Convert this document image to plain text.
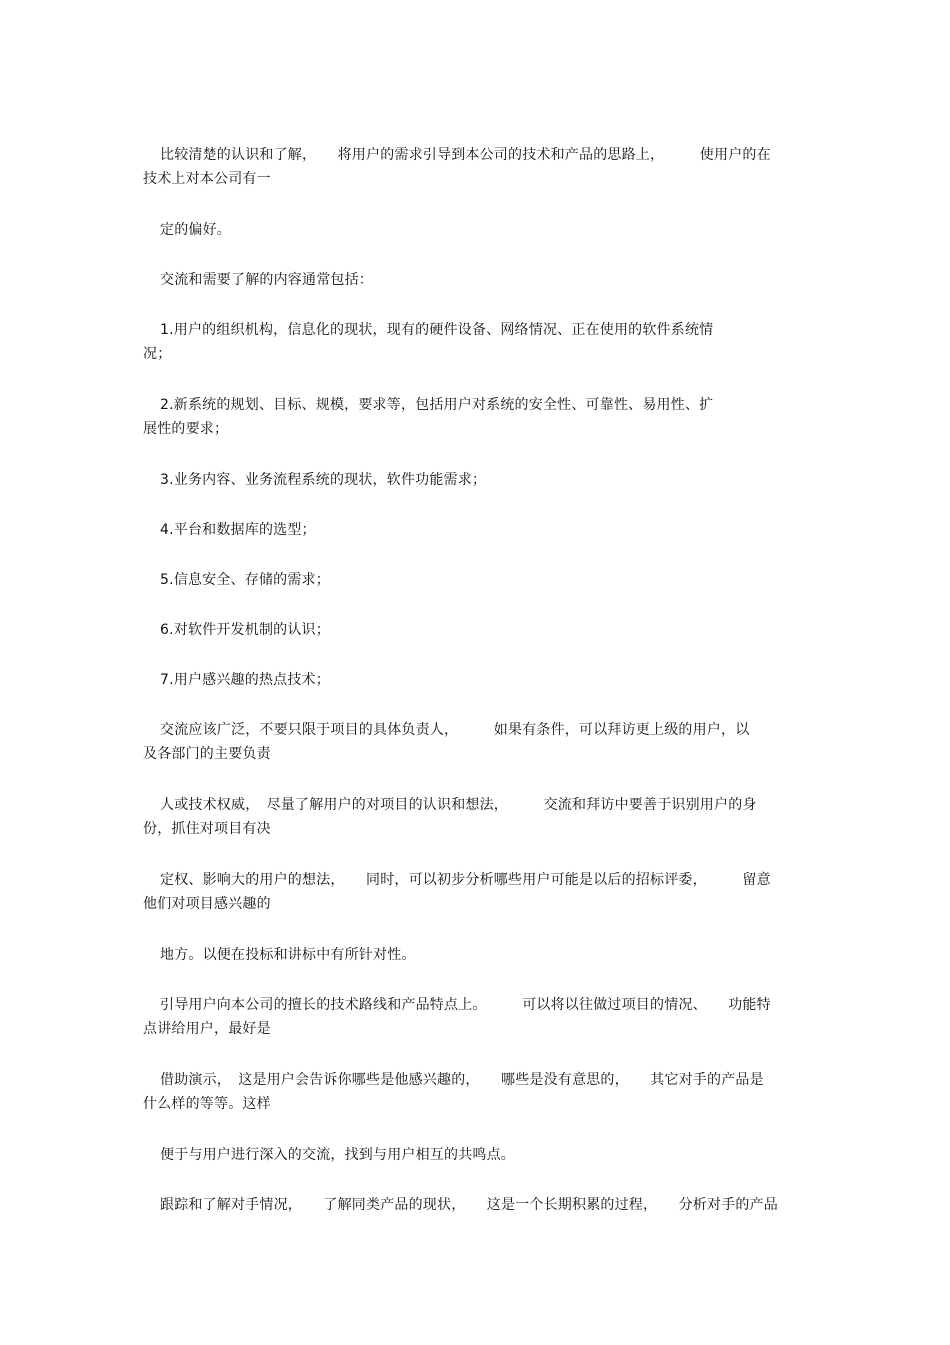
比较清楚的认识和了解，　　将用户的需求引导到本公司的技术和产品的思路上，　　　使用户的在
技术上对本公司有一
定的偏好。
交流和需要了解的内容通常包括：
1.用户的组织机构，信息化的现状，现有的硬件设备、网络情况、正在使用的软件系统情
况；
2.新系统的规划、目标、规模，要求等，包括用户对系统的安全性、可靠性、易用性、扩
展性的要求；
3.业务内容、业务流程系统的现状，软件功能需求；
4.平台和数据库的选型；
5.信息安全、存储的需求；
6.对软件开发机制的认识；
7.用户感兴趣的热点技术；
交流应该广泛，不要只限于项目的具体负责人，　　　如果有条件，可以拜访更上级的用户，以
及各部门的主要负责
人或技术权威，　尽量了解用户的对项目的认识和想法，　　　交流和拜访中要善于识别用户的身
份，抓住对项目有决
定权、影响大的用户的想法，　　同时，可以初步分析哪些用户可能是以后的招标评委，　　　留意
他们对项目感兴趣的
地方。以便在投标和讲标中有所针对性。
引导用户向本公司的擅长的技术路线和产品特点上。　　　可以将以往做过项目的情况、　　功能特
点讲给用户，最好是
借助演示，　这是用户会告诉你哪些是他感兴趣的，　　哪些是没有意思的，　　其它对手的产品是
什么样的等等。这样
便于与用户进行深入的交流，找到与用户相互的共鸣点。
跟踪和了解对手情况，　　了解同类产品的现状，　　这是一个长期积累的过程，　　分析对手的产品
